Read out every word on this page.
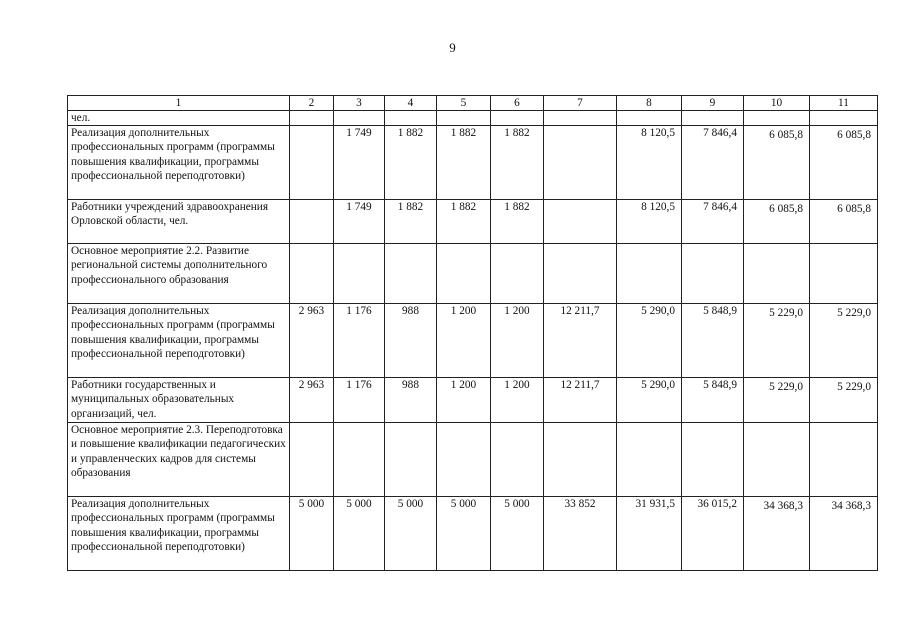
9
1	2	3	4	5	6	7	8	9	10	11
чел.										
Реализация дополнительных профессиональных программ (программы повышения квалификации, программы профессиональной переподготовки)		1 749	1 882	1 882	1 882		8 120,5	7 846,4	6 085,8	6 085,8
Работники учреждений здравоохранения Орловской области, чел.		1 749	1 882	1 882	1 882		8 120,5	7 846,4	6 085,8	6 085,8
Основное мероприятие 2.2. Развитие региональной системы дополнительного профессионального образования										
Реализация дополнительных профессиональных программ (программы повышения квалификации, программы профессиональной переподготовки)	2 963	1 176	988	1 200	1 200	12 211,7	5 290,0	5 848,9	5 229,0	5 229,0
Работники государственных и муниципальных образовательных организаций, чел.	2 963	1 176	988	1 200	1 200	12 211,7	5 290,0	5 848,9	5 229,0	5 229,0
Основное мероприятие 2.3. Переподготовка и повышение квалификации педагогических и управленческих кадров для системы образования										
Реализация дополнительных профессиональных программ (программы повышения квалификации, программы профессиональной переподготовки)	5 000	5 000	5 000	5 000	5 000	33 852	31 931,5	36 015,2	34 368,3	34 368,3
